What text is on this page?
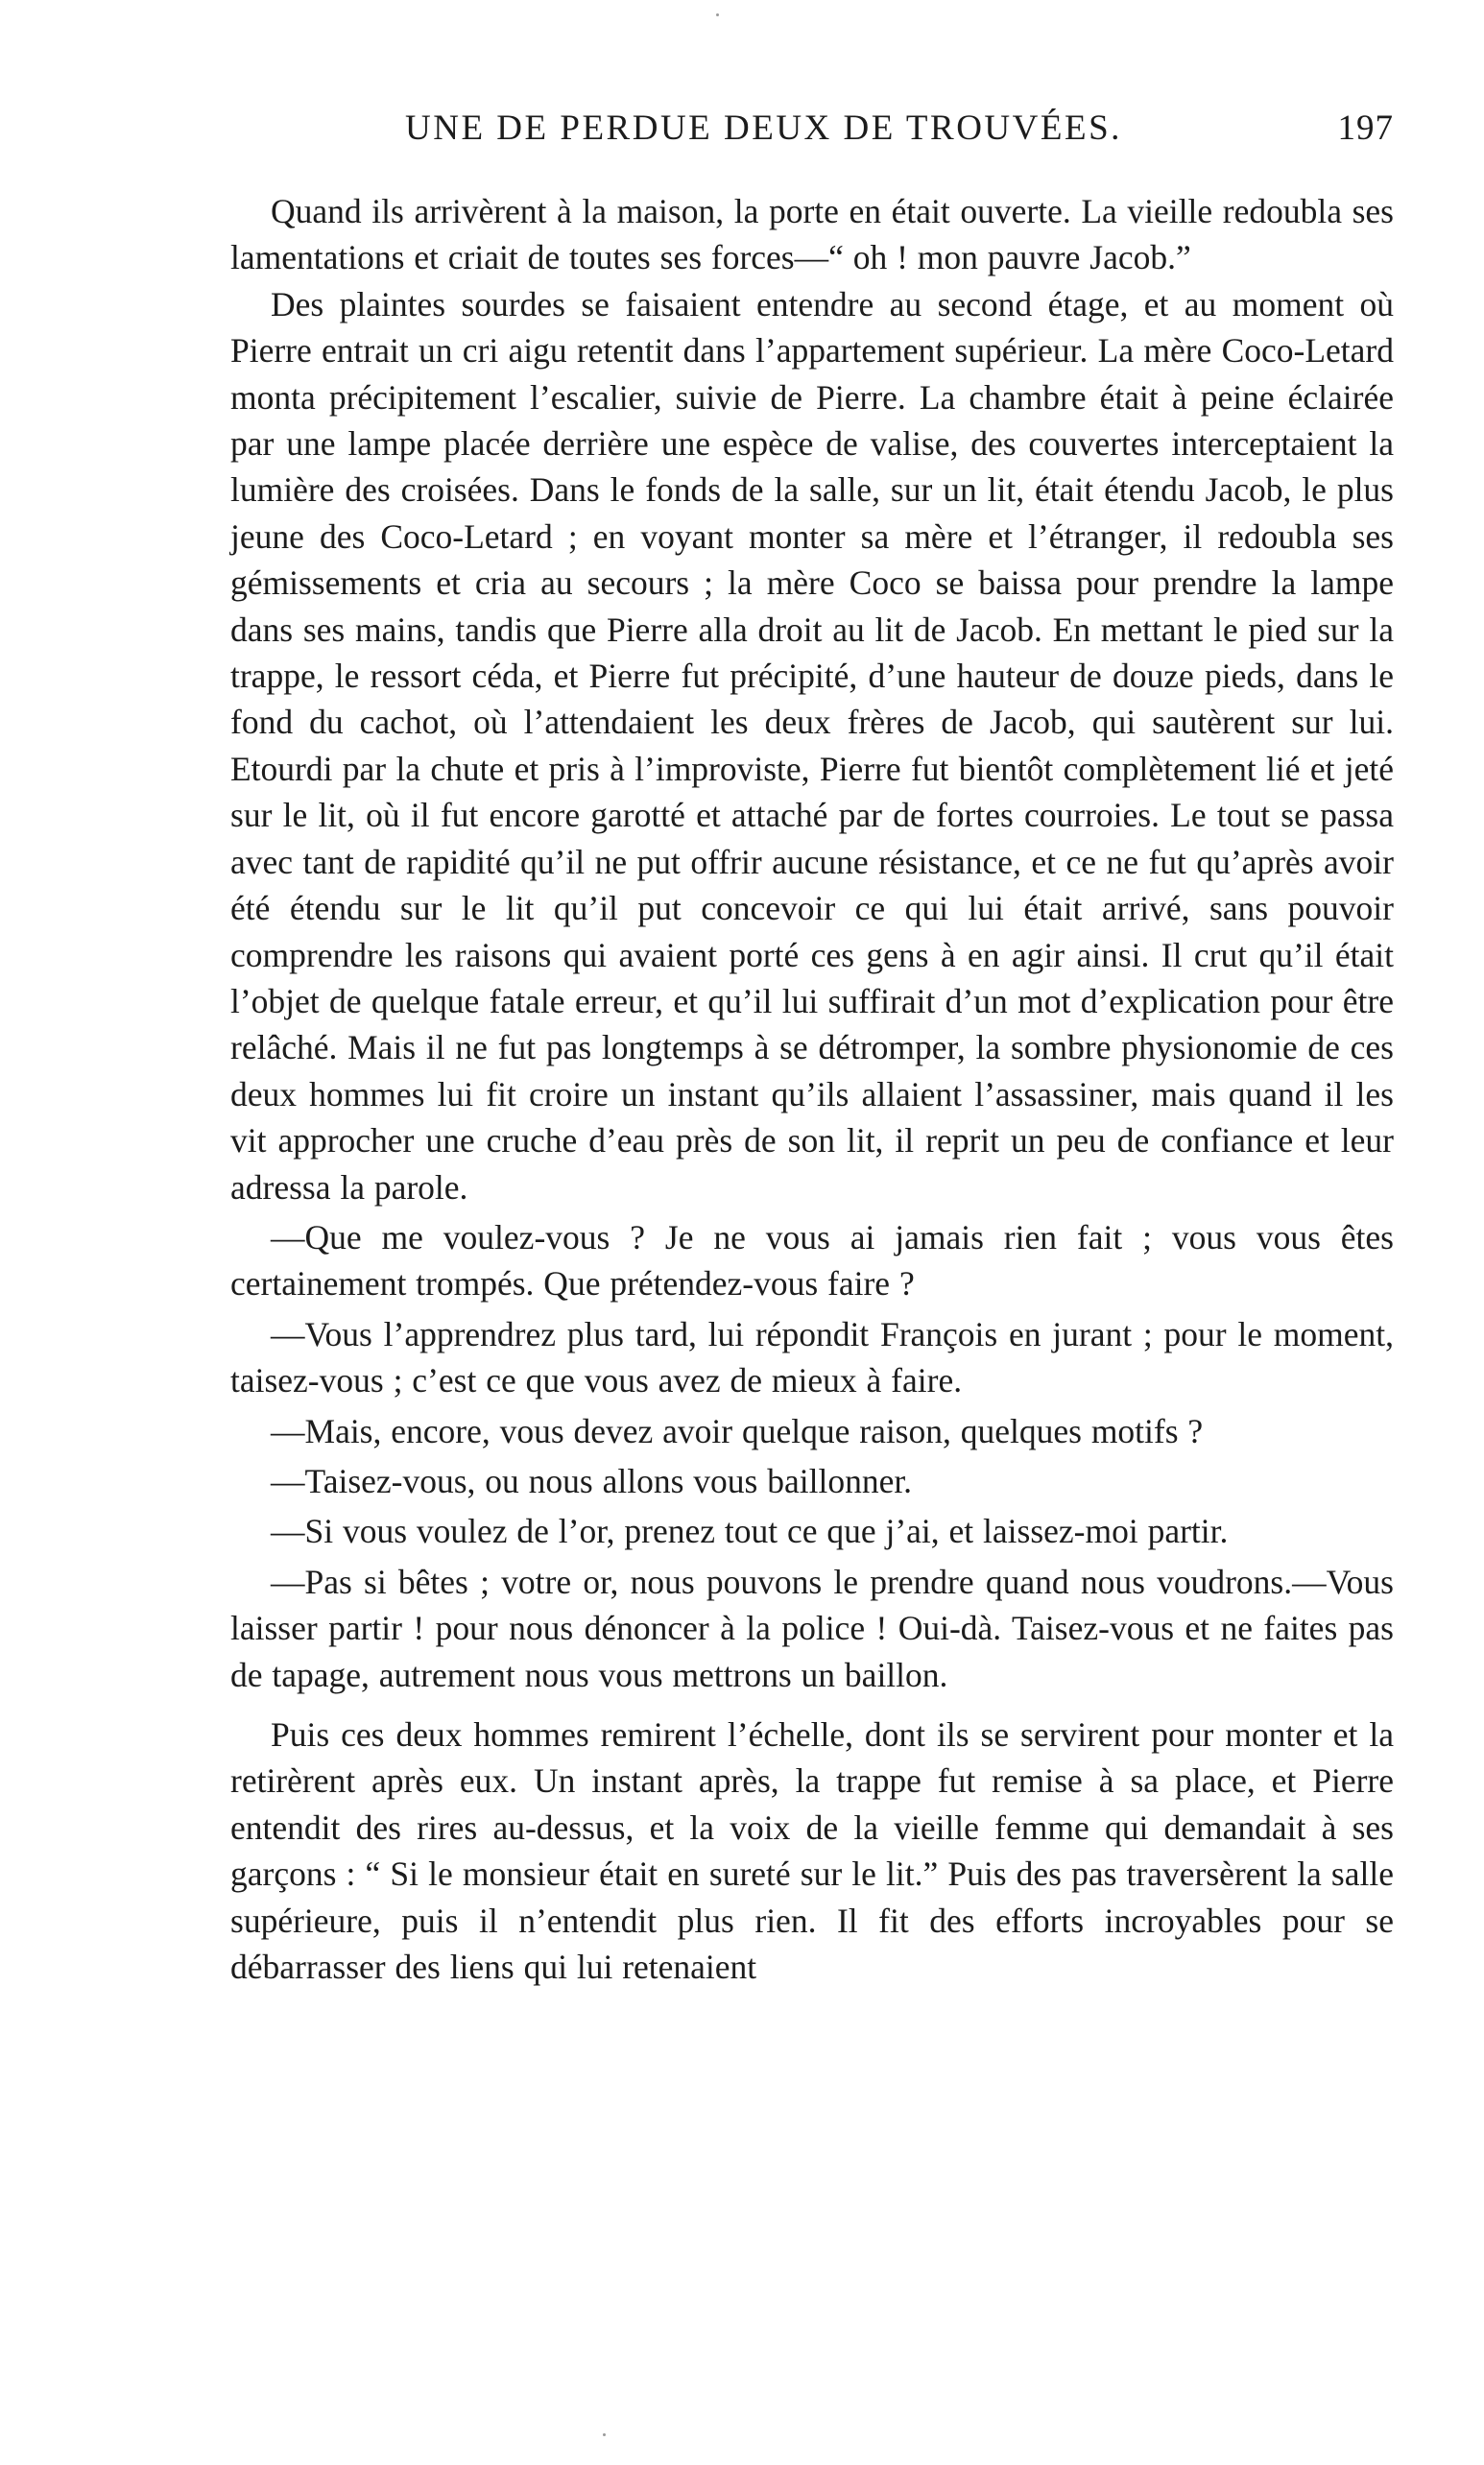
UNE DE PERDUE DEUX DE TROUVÉES.	197

Quand ils arrivèrent à la maison, la porte en était ouverte. La vieille redoubla ses lamentations et criait de toutes ses forces—“ oh ! mon pauvre Jacob.”

Des plaintes sourdes se faisaient entendre au second étage, et au moment où Pierre entrait un cri aigu retentit dans l’appartement supérieur. La mère Coco-Letard monta précipitement l’escalier, suivie de Pierre. La chambre était à peine éclairée par une lampe placée derrière une espèce de valise, des couvertes interceptaient la lumière des croisées. Dans le fonds de la salle, sur un lit, était étendu Jacob, le plus jeune des Coco-Letard ; en voyant monter sa mère et l’étranger, il redoubla ses gémissements et cria au secours ; la mère Coco se baissa pour prendre la lampe dans ses mains, tandis que Pierre alla droit au lit de Jacob. En mettant le pied sur la trappe, le ressort céda, et Pierre fut précipité, d’une hauteur de douze pieds, dans le fond du cachot, où l’attendaient les deux frères de Jacob, qui sautèrent sur lui. Etourdi par la chute et pris à l’improviste, Pierre fut bientôt complètement lié et jeté sur le lit, où il fut encore garotté et attaché par de fortes courroies. Le tout se passa avec tant de rapidité qu’il ne put offrir aucune résistance, et ce ne fut qu’après avoir été étendu sur le lit qu’il put concevoir ce qui lui était arrivé, sans pouvoir comprendre les raisons qui avaient porté ces gens à en agir ainsi. Il crut qu’il était l’objet de quelque fatale erreur, et qu’il lui suffirait d’un mot d’explication pour être relâché. Mais il ne fut pas longtemps à se détromper, la sombre physionomie de ces deux hommes lui fit croire un instant qu’ils allaient l’assassiner, mais quand il les vit approcher une cruche d’eau près de son lit, il reprit un peu de confiance et leur adressa la parole.

—Que me voulez-vous ? Je ne vous ai jamais rien fait ; vous vous êtes certainement trompés. Que prétendez-vous faire ?

—Vous l’apprendrez plus tard, lui répondit François en jurant ; pour le moment, taisez-vous ; c’est ce que vous avez de mieux à faire.

—Mais, encore, vous devez avoir quelque raison, quelques motifs ?

—Taisez-vous, ou nous allons vous baillonner.

—Si vous voulez de l’or, prenez tout ce que j’ai, et laissez-moi partir.

—Pas si bêtes ; votre or, nous pouvons le prendre quand nous voudrons.—Vous laisser partir ! pour nous dénoncer à la police ! Oui-dà. Taisez-vous et ne faites pas de tapage, autrement nous vous mettrons un baillon.

Puis ces deux hommes remirent l’échelle, dont ils se servirent pour monter et la retirèrent après eux. Un instant après, la trappe fut remise à sa place, et Pierre entendit des rires au-dessus, et la voix de la vieille femme qui demandait à ses garçons : “ Si le monsieur était en sureté sur le lit.” Puis des pas traversèrent la salle supérieure, puis il n’entendit plus rien. Il fit des efforts incroyables pour se débarrasser des liens qui lui retenaient
